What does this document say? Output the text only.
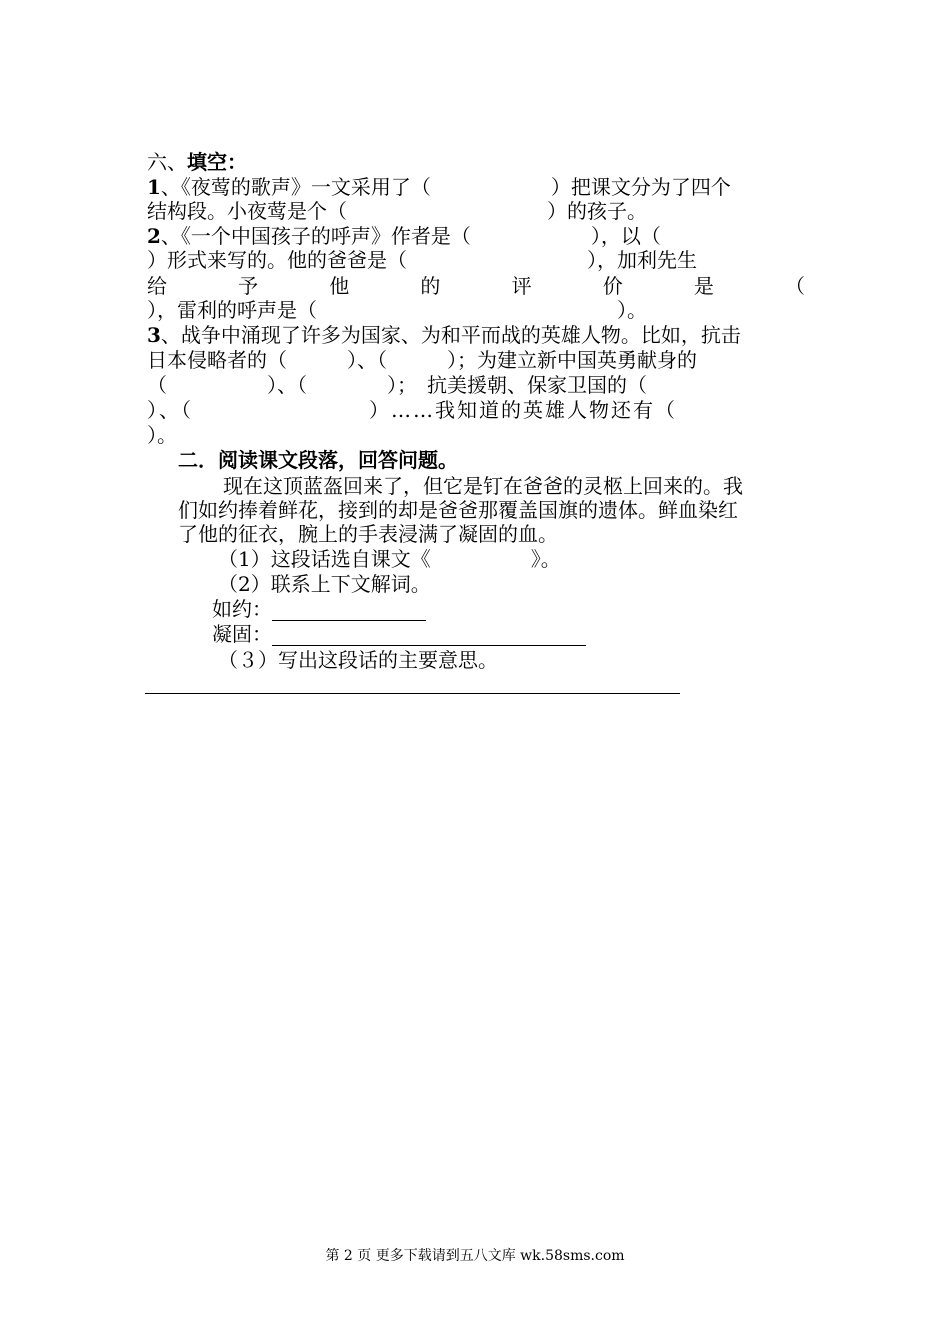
六、填空：
1、《夜莺的歌声》一文采用了（　　　　　　）把课文分为了四个
结构段。小夜莺是个（　　　　　　　　　　）的孩子。
2、《一个中国孩子的呼声》作者是（　　　　　　），以（
）形式来写的。他的爸爸是（　　　　　　　　　），加利先生
给	予	他	的	评	价	是	（
），雷利的呼声是（　　　　　　　　　　　　　　　）。
3、战争中涌现了许多为国家、为和平而战的英雄人物。比如，抗击
日本侵略者的（　　　）、（　　　）；为建立新中国英勇献身的
（　　　　　）、（　　　　）；　抗美援朝、保家卫国的（
）、（　　　　　　　　）……我知道的英雄人物还有（
）。
二．阅读课文段落，回答问题。
现在这顶蓝盔回来了，但它是钉在爸爸的灵柩上回来的。我
们如约捧着鲜花，接到的却是爸爸那覆盖国旗的遗体。鲜血染红
了他的征衣，腕上的手表浸满了凝固的血。
（1）这段话选自课文《　　　　　》。
（2）联系上下文解词。
如约：
凝固：
（３）写出这段话的主要意思。
第 2 页 更多下载请到五八文库 wk.58sms.com
